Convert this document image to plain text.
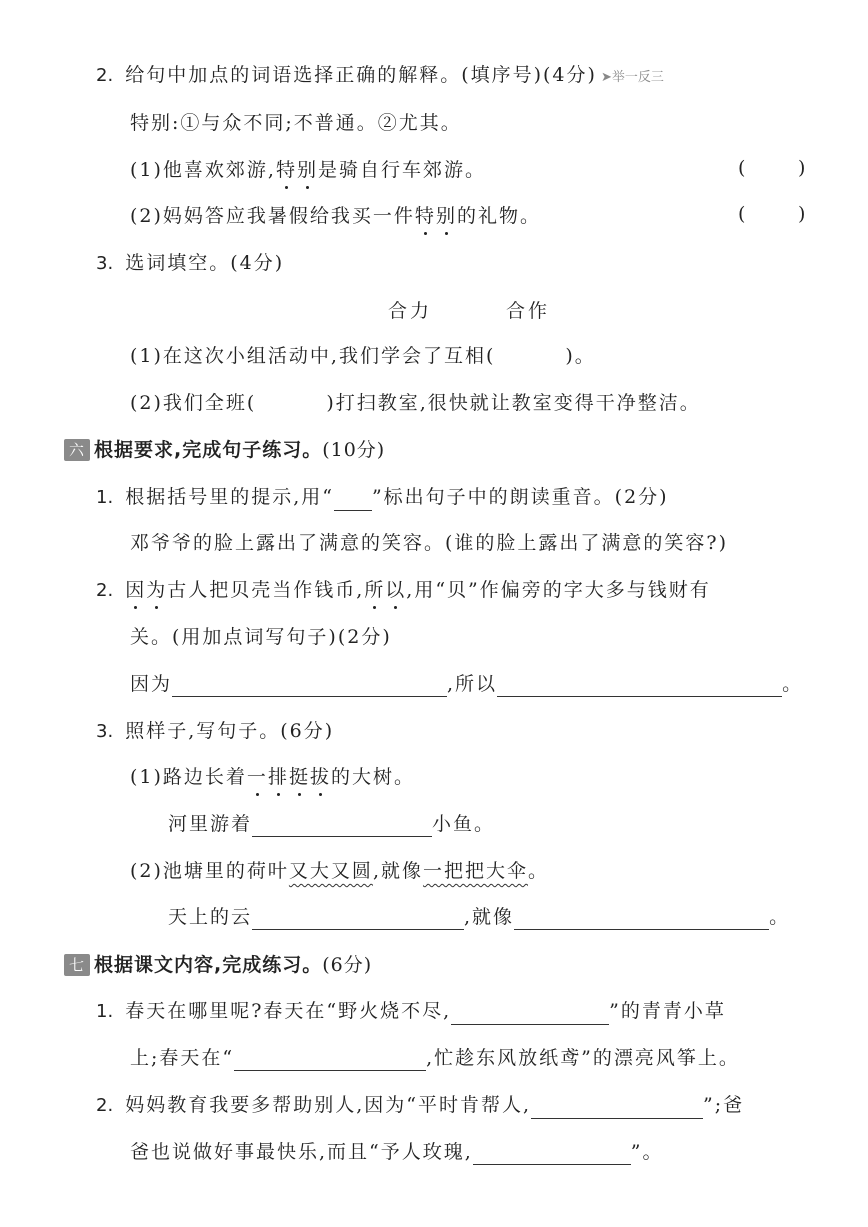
2. 给句中加点的词语选择正确的解释。(填序号)(4分) ➤举一反三
特别:①与众不同;不普通。②尤其。
(1)他喜欢郊游,特别是骑自行车郊游。	(	)
(2)妈妈答应我暑假给我买一件特别的礼物。	(	)
3. 选词填空。(4分)
合力	合作
(1)在这次小组活动中,我们学会了互相(	)。
(2)我们全班(	)打扫教室,很快就让教室变得干净整洁。
六 根据要求,完成句子练习。(10分)
1. 根据括号里的提示,用“ ”标出句子中的朗读重音。(2分)
邓爷爷的脸上露出了满意的笑容。(谁的脸上露出了满意的笑容?)
2. 因为古人把贝壳当作钱币,所以,用“贝”作偏旁的字大多与钱财有
关。(用加点词写句子)(2分)
因为	,所以	。
3. 照样子,写句子。(6分)
(1)路边长着一排挺拔的大树。
河里游着	小鱼。
(2)池塘里的荷叶又大又圆,就像一把把大伞。
天上的云	,就像	。
七 根据课文内容,完成练习。(6分)
1. 春天在哪里呢?春天在“野火烧不尽,	”的青青小草
上;春天在“	,忙趁东风放纸鸢”的漂亮风筝上。
2. 妈妈教育我要多帮助别人,因为“平时肯帮人,	”;爸
爸也说做好事最快乐,而且“予人玫瑰,	”。
